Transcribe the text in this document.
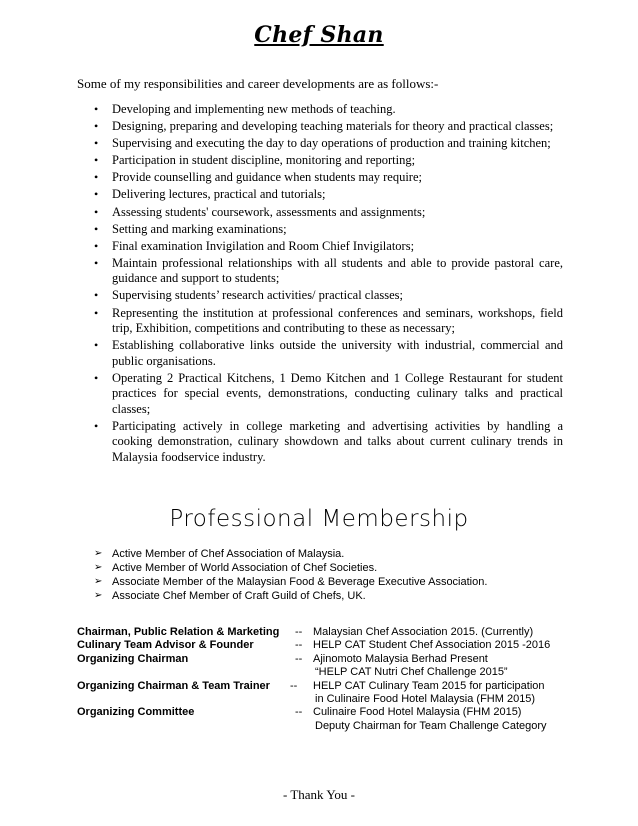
Chef Shan
Some of my responsibilities and career developments are as follows:-
• Developing and implementing new methods of teaching.
• Designing, preparing and developing teaching materials for theory and practical classes;
• Supervising and executing the day to day operations of production and training kitchen;
• Participation in student discipline, monitoring and reporting;
• Provide counselling and guidance when students may require;
• Delivering lectures, practical and tutorials;
• Assessing students' coursework, assessments and assignments;
• Setting and marking examinations;
• Final examination Invigilation and Room Chief Invigilators;
• Maintain professional relationships with all students and able to provide pastoral care, guidance and support to students;
• Supervising students’ research activities/ practical classes;
• Representing the institution at professional conferences and seminars, workshops, field trip, Exhibition, competitions and contributing to these as necessary;
• Establishing collaborative links outside the university with industrial, commercial and public organisations.
• Operating 2 Practical Kitchens, 1 Demo Kitchen and 1 College Restaurant for student practices for special events, demonstrations, conducting culinary talks and practical classes;
• Participating actively in college marketing and advertising activities by handling a cooking demonstration, culinary showdown and talks about current culinary trends in Malaysia foodservice industry.
Professional Membership
➢ Active Member of Chef Association of Malaysia.
➢ Active Member of World Association of Chef Societies.
➢ Associate Member of the Malaysian Food & Beverage Executive Association.
➢ Associate Chef Member of Craft Guild of Chefs, UK.
Chairman, Public Relation & Marketing -- Malaysian Chef Association 2015. (Currently)
Culinary Team Advisor & Founder	-- HELP CAT Student Chef Association 2015 -2016
Organizing Chairman	-- Ajinomoto Malaysia Berhad Present
“HELP CAT Nutri Chef Challenge 2015”
Organizing Chairman & Team Trainer -- HELP CAT Culinary Team 2015 for participation
in Culinaire Food Hotel Malaysia (FHM 2015)
Organizing Committee	-- Culinaire Food Hotel Malaysia (FHM 2015)
Deputy Chairman for Team Challenge Category
- Thank You -
